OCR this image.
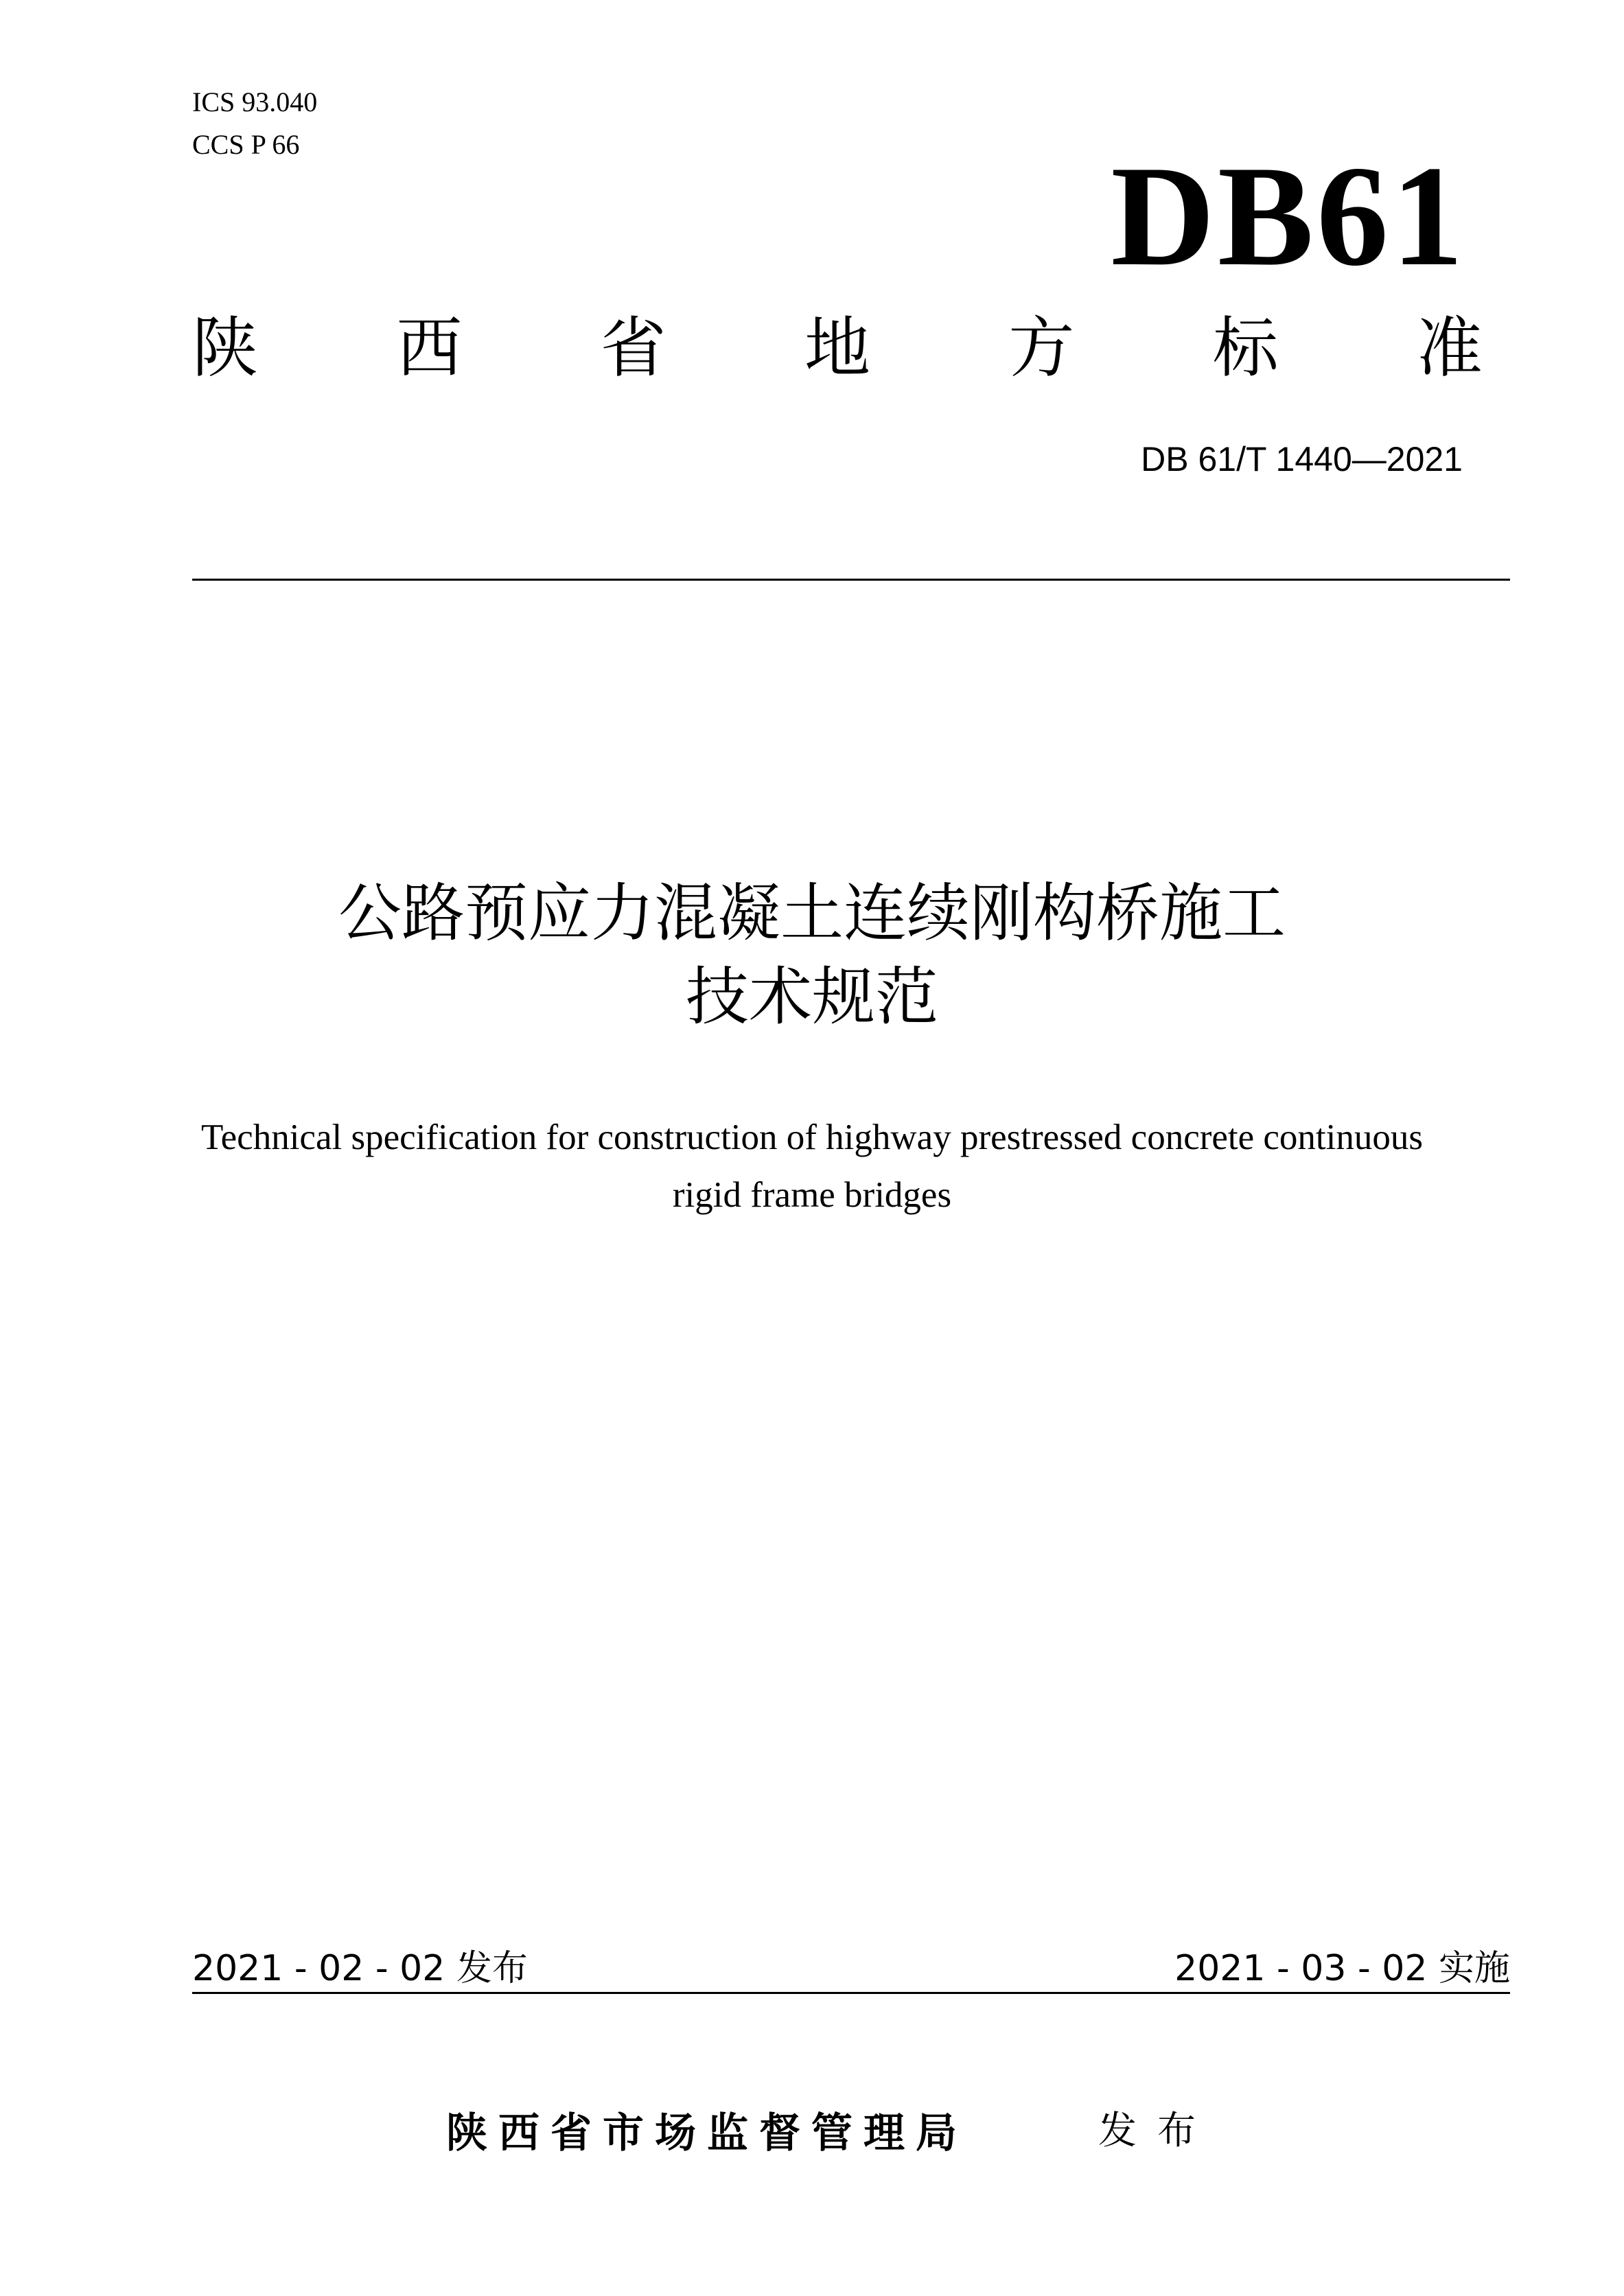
ICS 93.040
CCS P 66	DB61
陕 西 省 地 方 标 准
DB 61/T 1440—2021
公路预应力混凝土连续刚构桥施工
技术规范
Technical specification for construction of highway prestressed concrete continuous
rigid frame bridges
2021 - 02 - 02 发布	2021 - 03 - 02 实施
陕西省市场监督管理局	发布
